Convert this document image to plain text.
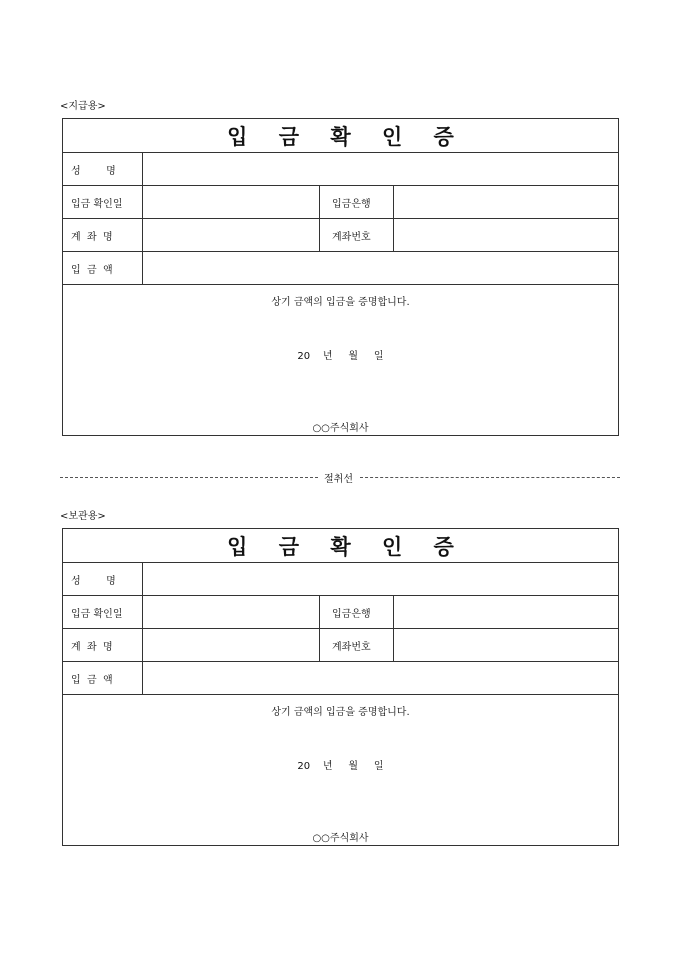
<지급용>
입 금 확 인 증
성        명
입금 확인일	입금은행
계  좌  명	계좌번호
입  금  액
상기 금액의 입금을 증명합니다.
20    년     월     일
○○주식회사
절취선
<보관용>
입 금 확 인 증
성        명
입금 확인일	입금은행
계  좌  명	계좌번호
입  금  액
상기 금액의 입금을 증명합니다.
20    년     월     일
○○주식회사
